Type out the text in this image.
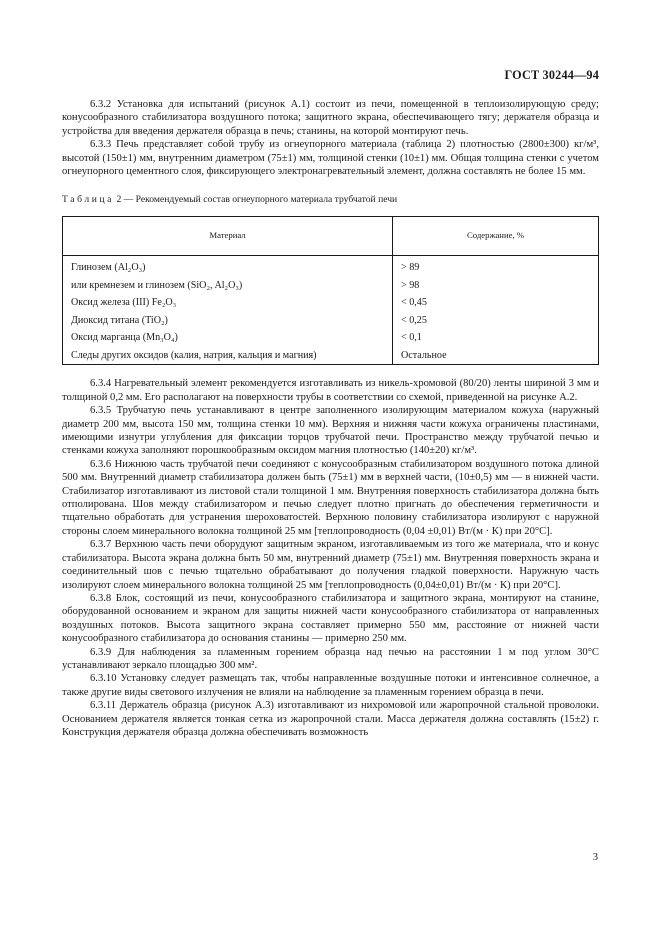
ГОСТ 30244—94

6.3.2 Установка для испытаний (рисунок А.1) состоит из печи, помещенной в теплоизолирующую среду; конусообразного стабилизатора воздушного потока; защитного экрана, обеспечивающего тягу; держателя образца и устройства для введения держателя образца в печь; станины, на которой монтируют печь.

6.3.3 Печь представляет собой трубу из огнеупорного материала (таблица 2) плотностью (2800±300) кг/м³, высотой (150±1) мм, внутренним диаметром (75±1) мм, толщиной стенки (10±1) мм. Общая толщина стенки с учетом огнеупорного цементного слоя, фиксирующего электронагревательный элемент, должна составлять не более 15 мм.

Таблица 2 — Рекомендуемый состав огнеупорного материала трубчатой печи

Материал	Содержание, %
Глинозем (Al₂O₃)	> 89
или кремнезем и глинозем (SiO₂, Al₂O₃)	> 98
Оксид железа (III) Fe₂O₃	< 0,45
Диоксид титана (TiO₂)	< 0,25
Оксид марганца (Mn₃O₄)	< 0,1
Следы других оксидов (калия, натрия, кальция и магния)	Остальное

6.3.4 Нагревательный элемент рекомендуется изготавливать из никель-хромовой (80/20) ленты шириной 3 мм и толщиной 0,2 мм. Его располагают на поверхности трубы в соответствии со схемой, приведенной на рисунке А.2.

6.3.5 Трубчатую печь устанавливают в центре заполненного изолирующим материалом кожуха (наружный диаметр 200 мм, высота 150 мм, толщина стенки 10 мм). Верхняя и нижняя части кожуха ограничены пластинами, имеющими изнутри углубления для фиксации торцов трубчатой печи. Пространство между трубчатой печью и стенками кожуха заполняют порошкообразным оксидом магния плотностью (140±20) кг/м³.

6.3.6 Нижнюю часть трубчатой печи соединяют с конусообразным стабилизатором воздушного потока длиной 500 мм. Внутренний диаметр стабилизатора должен быть (75±1) мм в верхней части, (10±0,5) мм — в нижней части. Стабилизатор изготавливают из листовой стали толщиной 1 мм. Внутренняя поверхность стабилизатора должна быть отполирована. Шов между стабилизатором и печью следует плотно пригнать до обеспечения герметичности и тщательно обработать для устранения шероховатостей. Верхнюю половину стабилизатора изолируют с наружной стороны слоем минерального волокна толщиной 25 мм [теплопроводность (0,04 ±0,01) Вт/(м · К) при 20°С].

6.3.7 Верхнюю часть печи оборудуют защитным экраном, изготавливаемым из того же материала, что и конус стабилизатора. Высота экрана должна быть 50 мм, внутренний диаметр (75±1) мм. Внутренняя поверхность экрана и соединительный шов с печью тщательно обрабатывают до получения гладкой поверхности. Наружную часть изолируют слоем минерального волокна толщиной 25 мм [теплопроводность (0,04±0,01) Вт/(м · К) при 20°С].

6.3.8 Блок, состоящий из печи, конусообразного стабилизатора и защитного экрана, монтируют на станине, оборудованной основанием и экраном для защиты нижней части конусообразного стабилизатора от направленных воздушных потоков. Высота защитного экрана составляет примерно 550 мм, расстояние от нижней части конусообразного стабилизатора до основания станины — примерно 250 мм.

6.3.9 Для наблюдения за пламенным горением образца над печью на расстоянии 1 м под углом 30°С устанавливают зеркало площадью 300 мм².

6.3.10 Установку следует размещать так, чтобы направленные воздушные потоки и интенсивное солнечное, а также другие виды светового излучения не влияли на наблюдение за пламенным горением образца в печи.

6.3.11 Держатель образца (рисунок А.3) изготавливают из нихромовой или жаропрочной стальной проволоки. Основанием держателя является тонкая сетка из жаропрочной стали. Масса держателя должна составлять (15±2) г. Конструкция держателя образца должна обеспечивать возможность

3
